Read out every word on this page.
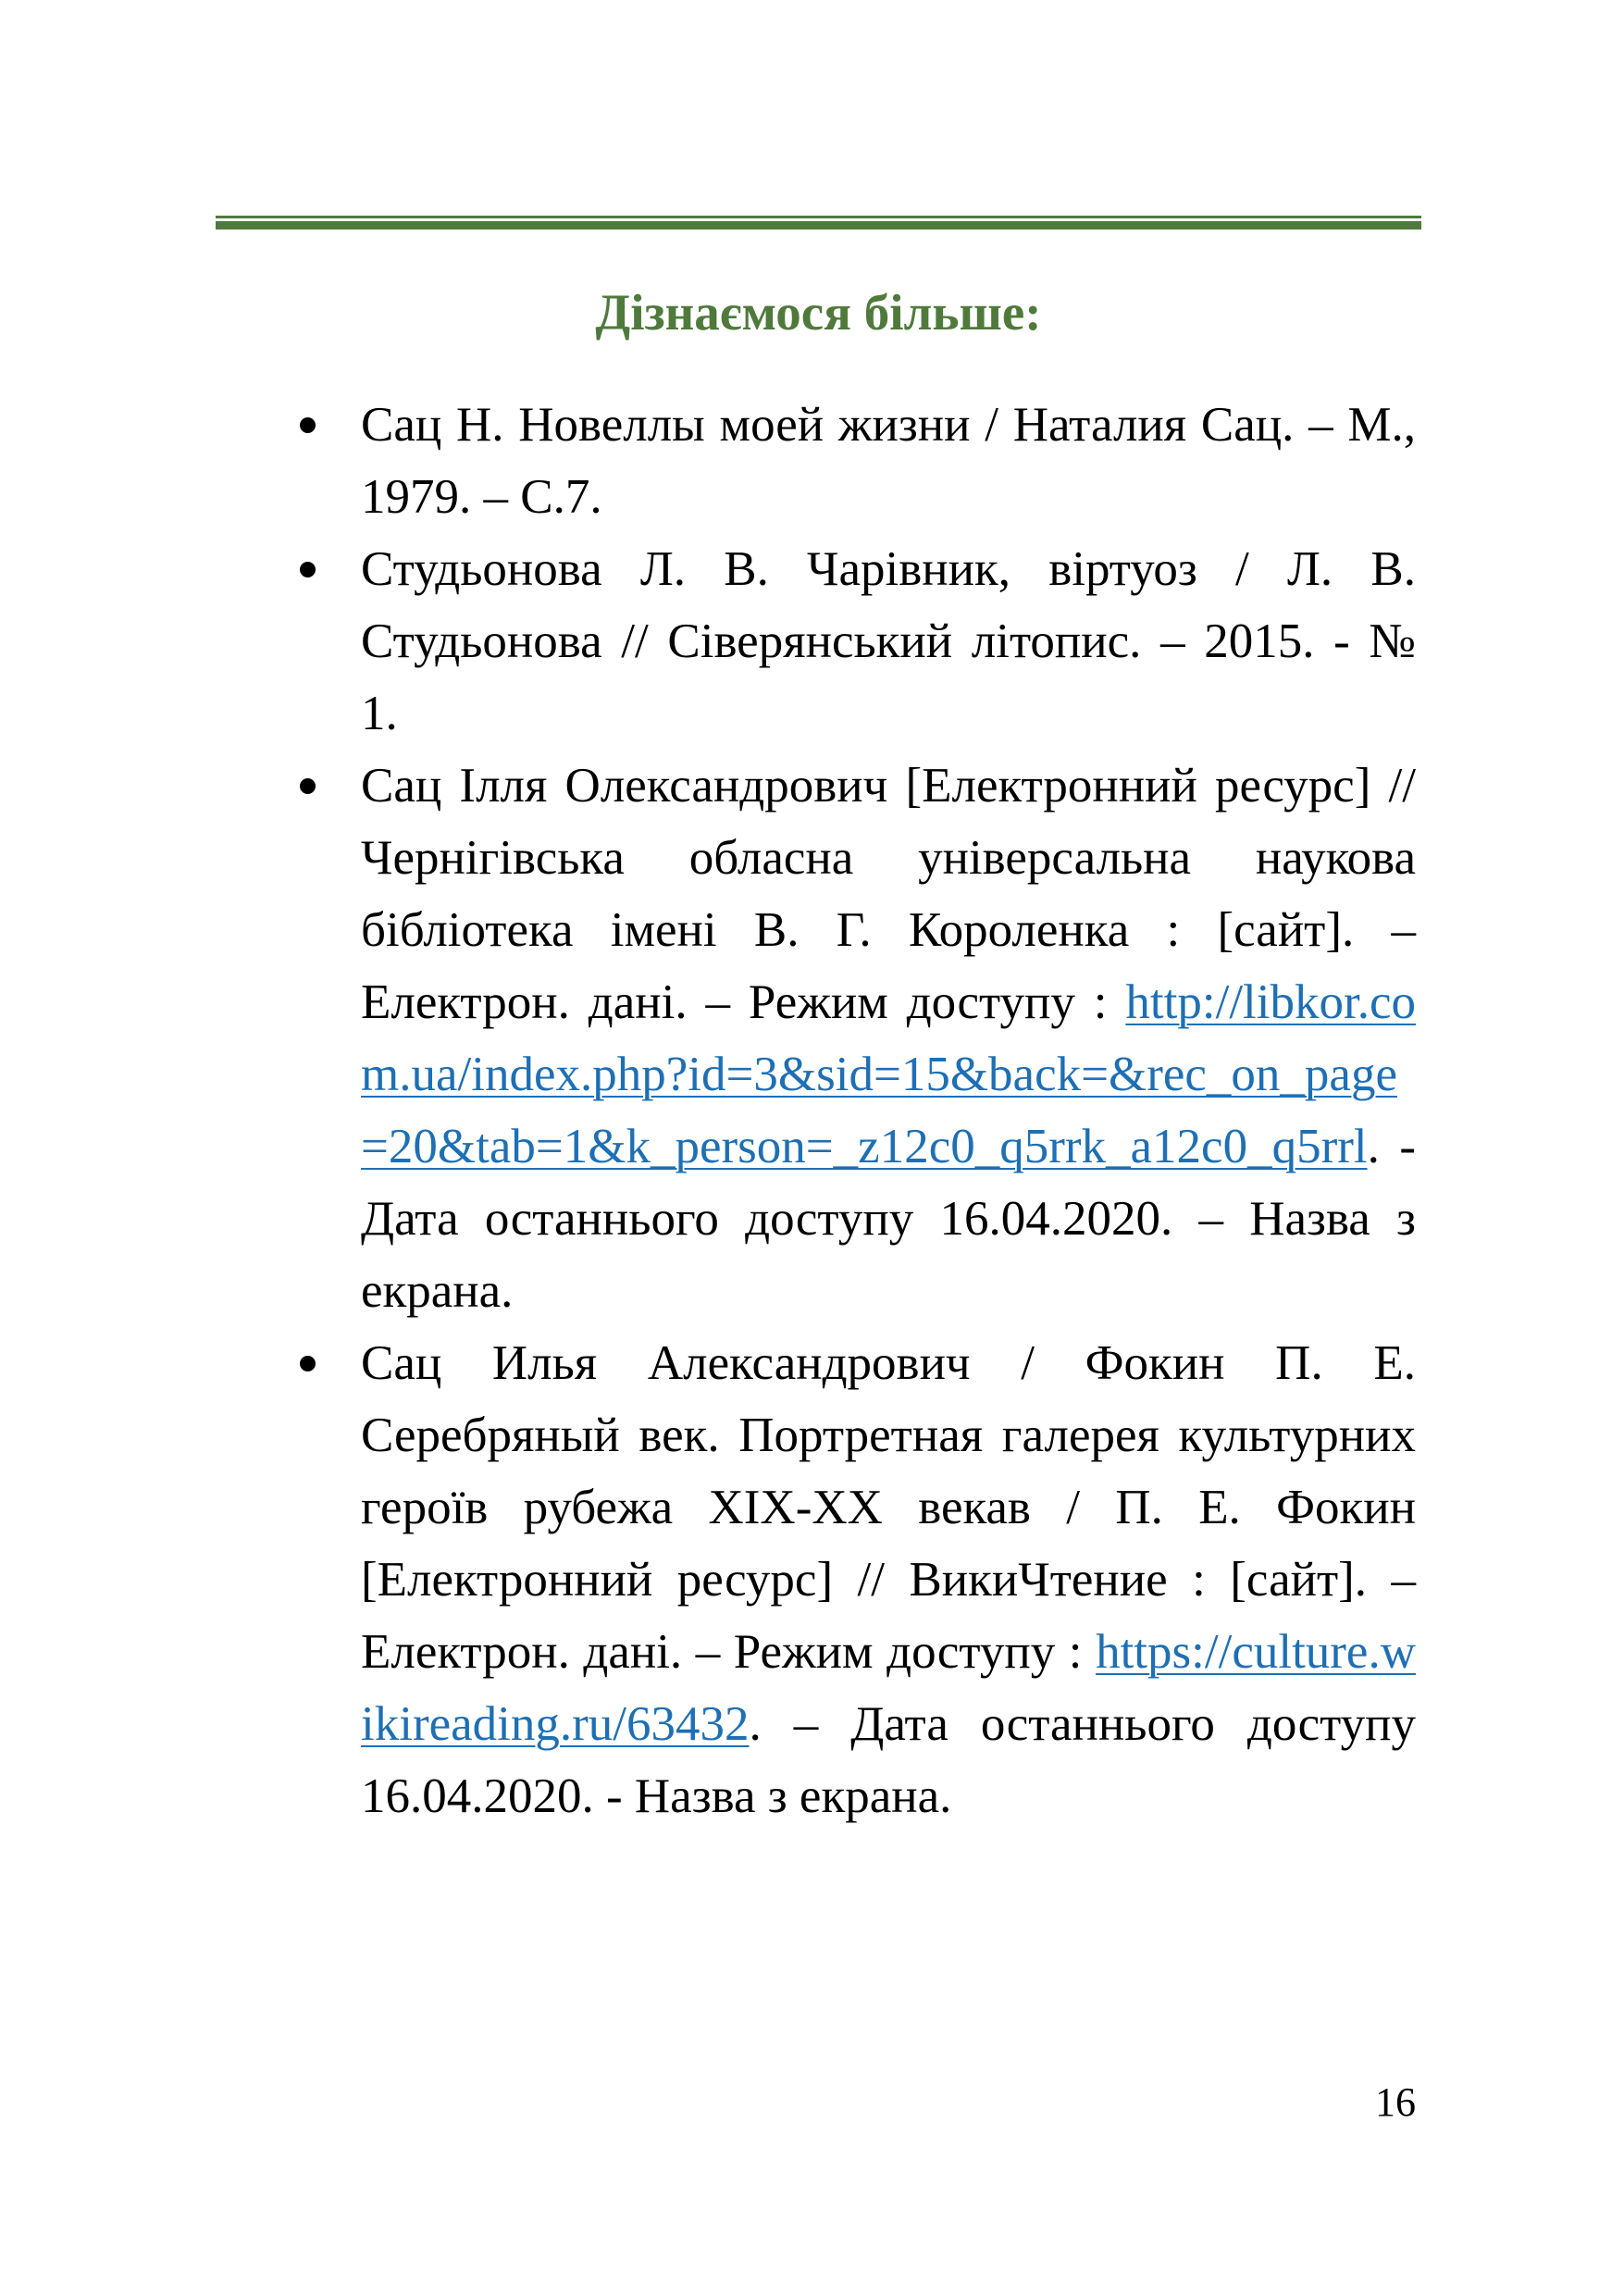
Дізнаємося більше:
Сац Н. Новеллы моей жизни / Наталия Сац. – М., 1979. – С.7.
Студьонова Л. В. Чарівник, віртуоз / Л. В. Студьонова // Сіверянський літопис. – 2015. - № 1.
Сац Ілля Олександрович [Електронний ресурс] // Чернігівська обласна універсальна наукова бібліотека імені В. Г. Короленка : [сайт]. – Електрон. дані. – Режим доступу : http://libkor.com.ua/index.php?id=3&sid=15&back=&rec_on_page=20&tab=1&k_person=_z12c0_q5rrk_a12c0_q5rrl. - Дата останнього доступу 16.04.2020. – Назва з екрана.
Сац Илья Александрович / Фокин П. Е. Серебряный век. Портретная галерея культурних героїв рубежа XIX-XX векав / П. Е. Фокин [Електронний ресурс] // ВикиЧтение : [сайт]. – Електрон. дані. – Режим доступу : https://culture.wikireading.ru/63432. – Дата останнього доступу 16.04.2020. - Назва з екрана.

16
